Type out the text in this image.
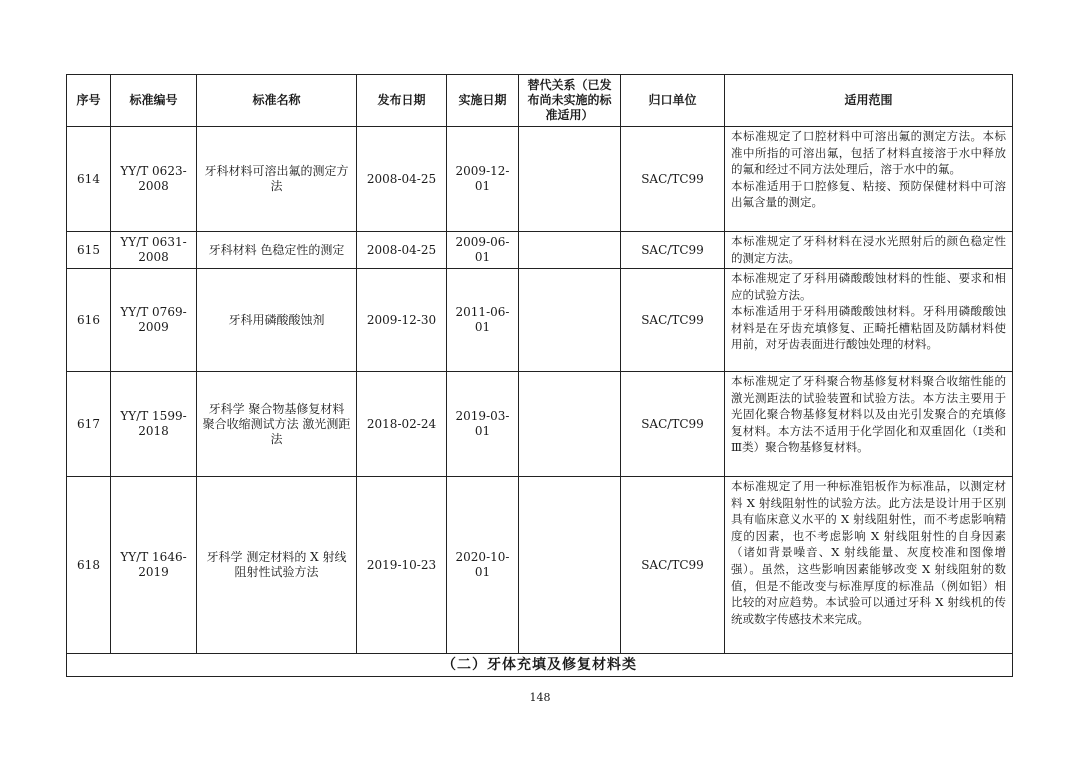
序号	标准编号	标准名称	发布日期	实施日期	替代关系（已发布尚未实施的标准适用）	归口单位	适用范围
614	YY/T 0623-2008	牙科材料可溶出氟的测定方法	2008-04-25	2009-12-01		SAC/TC99	本标准规定了口腔材料中可溶出氟的测定方法。本标准中所指的可溶出氟，包括了材料直接溶于水中释放的氟和经过不同方法处理后，溶于水中的氟。

本标准适用于口腔修复、粘接、预防保健材料中可溶出氟含量的测定。

615	YY/T 0631-2008	牙科材料 色稳定性的测定	2008-04-25	2009-06-01		SAC/TC99	本标准规定了牙科材料在浸水光照射后的颜色稳定性的测定方法。

616	YY/T 0769-2009	牙科用磷酸酸蚀剂	2009-12-30	2011-06-01		SAC/TC99	本标准规定了牙科用磷酸酸蚀材料的性能、要求和相应的试验方法。

本标准适用于牙科用磷酸酸蚀材料。牙科用磷酸酸蚀材料是在牙齿充填修复、正畸托槽粘固及防龋材料使用前，对牙齿表面进行酸蚀处理的材料。

617	YY/T 1599-2018	牙科学 聚合物基修复材料 聚合收缩测试方法 激光测距法	2018-02-24	2019-03-01		SAC/TC99	本标准规定了牙科聚合物基修复材料聚合收缩性能的激光测距法的试验装置和试验方法。本方法主要用于光固化聚合物基修复材料以及由光引发聚合的充填修复材料。本方法不适用于化学固化和双重固化（Ⅰ类和Ⅲ类）聚合物基修复材料。

618	YY/T 1646-2019	牙科学 测定材料的 X 射线阻射性试验方法	2019-10-23	2020-10-01		SAC/TC99	本标准规定了用一种标准铝板作为标准品，以测定材料 X 射线阻射性的试验方法。此方法是设计用于区别具有临床意义水平的 X 射线阻射性，而不考虑影响精度的因素，也不考虑影响 X 射线阻射性的自身因素（诸如背景噪音、X 射线能量、灰度校准和图像增强）。虽然，这些影响因素能够改变 X 射线阻射的数值，但是不能改变与标准厚度的标准品（例如铝）相比较的对应趋势。本试验可以通过牙科 X 射线机的传统或数字传感技术来完成。

（二）牙体充填及修复材料类							
148
